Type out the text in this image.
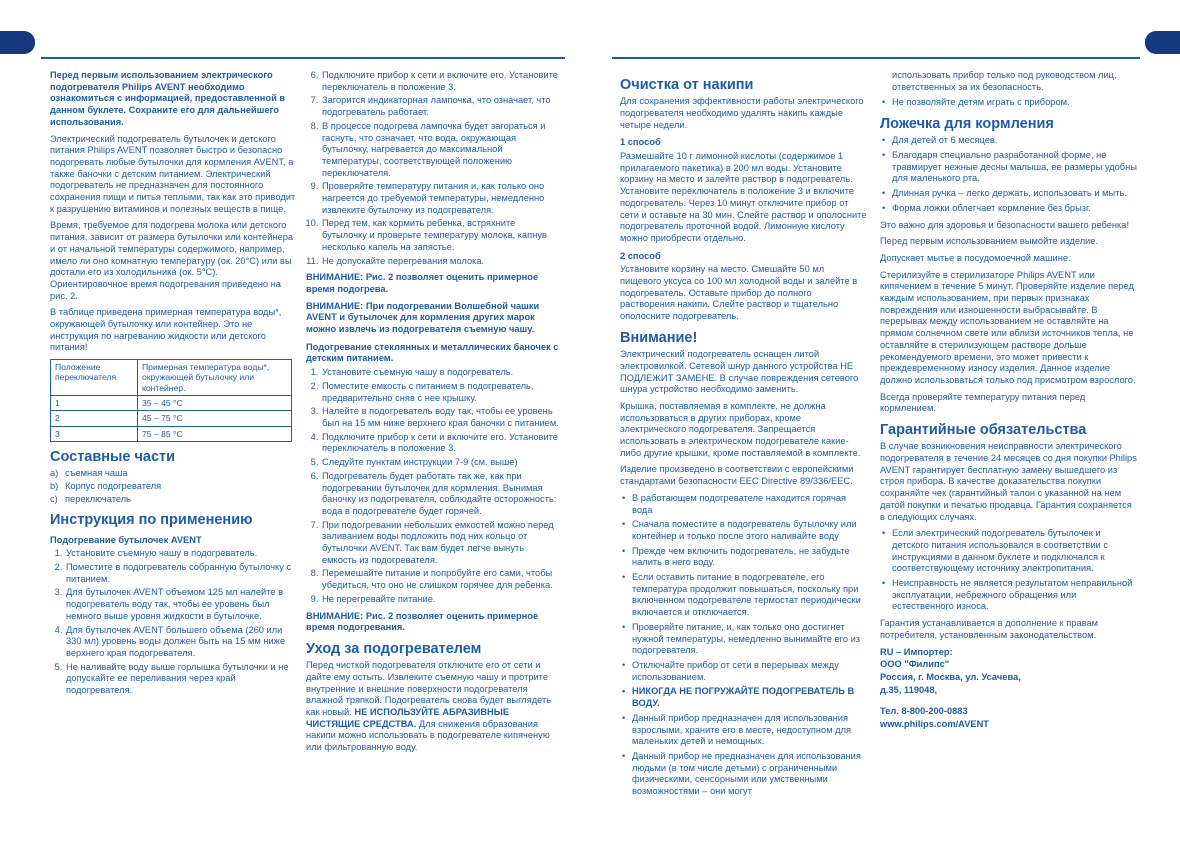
Перед первым использованием электрического подогревателя Philips AVENT необходимо ознакомиться с информацией, предоставленной в данном буклете. Сохраните его для дальнейшего использования.

Электрический подогреватель бутылочек и детского питания Philips AVENT позволяет быстро и безопасно подогревать любые бутылочки для кормления AVENT, а также баночки с детским питанием. Электрический подогреватель не предназначен для постоянного сохранения пищи и питья теплыми, так как это приводит к разрушению витаминов и полезных веществ в пище.

Время, требуемое для подогрева молока или детского питания, зависит от размера бутылочки или контейнера и от начальной температуры содержимого, например, имело ли оно комнатную температуру (ок. 20°C) или вы достали его из холодильника (ок. 5°C). Ориентировочное время подогревания приведено на рис. 2.

В таблице приведена примерная температура воды*, окружающей бутылочку или контейнер. Это не инструкция по нагреванию жидкости или детского питания!

Положение переключателя	Примерная температура воды*, окружающей бутылочку или контейнер.
1	35 – 45 °C
2	45 – 75 °C
3	75 – 85 °C
Составные части
a) съемная чаша
b) Корпус подогревателя
c) переключатель
Инструкция по применению
Подогревание бутылочек AVENT
1. Установите съемную чашу в подогреватель.
2. Поместите в подогреватель собранную бутылочку с питанием.
3. Для бутылочек AVENT объемом 125 мл налейте в подогреватель воду так, чтобы ее уровень был немного выше уровня жидкости в бутылочке.
4. Для бутылочек AVENT большего объема (260 или 330 мл) уровень воды должен быть на 15 мм ниже верхнего края подогревателя.
5. Не наливайте воду выше горлышка бутылочки и не допускайте ее переливания через край подогревателя.
6. Подключите прибор к сети и включите его. Установите переключатель в положение 3.
7. Загорится индикаторная лампочка, что означает, что подогреватель работает.
8. В процессе подогрева лампочка будет загораться и гаснуть, что означает, что вода, окружающая бутылочку, нагревается до максимальной температуры, соответствующей положению переключателя.
9. Проверяйте температуру питания и, как только оно нагреется до требуемой температуры, немедленно извлеките бутылочку из подогревателя.
10. Перед тем, как кормить ребенка, встряхните бутылочку и проверьте температуру молока, капнув несколько капель на запястье.
11. Не допускайте перегревания молока.

ВНИМАНИЕ: Рис. 2 позволяет оценить примерное время подогрева.

ВНИМАНИЕ: При подогревании Волшебной чашки AVENT и бутылочек для кормления других марок можно извлечь из подогревателя съемную чашу.

Подогревание стеклянных и металлических баночек с детским питанием.
1. Установите съемную чашу в подогреватель.
2. Поместите емкость с питанием в подогреватель, предварительно сняв с нее крышку.
3. Налейте в подогреватель воду так, чтобы ее уровень был на 15 мм ниже верхнего края баночки с питанием.
4. Подключите прибор к сети и включите его. Установите переключатель в положение 3.
5. Следуйте пунктам инструкции 7-9 (см. выше)
6. Подогреватель будет работать так же, как при подогревании бутылочек для кормления. Вынимая баночку из подогревателя, соблюдайте осторожность: вода в подогревателе будет горячей.
7. При подогревании небольших емкостей можно перед заливанием воды подложить под них кольцо от бутылочки AVENT. Так вам будет легче вынуть емкость из подогревателя.
8. Перемешайте питание и попробуйте его сами, чтобы убедиться, что оно не слишком горячее для ребенка.
9. Не перегревайте питание.

ВНИМАНИЕ: Рис. 2 позволяет оценить примерное время подогревания.

Уход за подогревателем

Перед чисткой подогревателя отключите его от сети и дайте ему остыть. Извлеките съемную чашу и протрите внутренние и внешние поверхности подогревателя влажной тряпкой. Подогреватель снова будет выглядеть как новый. НЕ ИСПОЛЬЗУЙТЕ АБРАЗИВНЫЕ ЧИСТЯЩИЕ СРЕДСТВА. Для снижения образования накипи можно использовать в подогревателе кипяченую или фильтрованную воду.

Очистка от накипи

Для сохранения эффективности работы электрического подогревателя необходимо удалять накипь каждые четыре недели.

1 способ

Размешайте 10 г лимонной кислоты (содержимое 1 прилагаемого пакетика) в 200 мл воды. Установите корзину на место и залейте раствор в подогреватель. Установите переключатель в положение 3 и включите подогреватель. Через 10 минут отключите прибор от сети и оставьте на 30 мин. Слейте раствор и ополосните подогреватель проточной водой. Лимонную кислоту можно приобрести отдельно.

2 способ

Установите корзину на место. Смешайте 50 мл пищевого уксуса со 100 мл холодной воды и залейте в подогреватель. Оставьте прибор до полного растворения накипи. Слейте раствор и тщательно ополосните подогреватель.

Внимание!

Электрический подогреватель оснащен литой электровилкой. Сетевой шнур данного устройства НЕ ПОДЛЕЖИТ ЗАМЕНЕ. В случае повреждения сетевого шнура устройство необходимо заменить.

Крышка, поставляемая в комплекте, не должна использоваться в других приборах, кроме электрического подогревателя. Запрещается использовать в электрическом подогревателе какие-либо другие крышки, кроме поставляемой в комплекте.

Изделие произведено в соответствии с европейскими стандартами безопасности EEC Directive 89/336/EEC.

• В работающем подогревателе находится горячая вода
• Сначала поместите в подогреватель бутылочку или контейнер и только после этого наливайте воду
• Прежде чем включить подогреватель, не забудьте налить в него воду.
• Если оставить питание в подогревателе, его температура продолжит повышаться, поскольку при включенном подогревателе термостат периодически включается и отключается.
• Проверяйте питание, и, как только оно достигнет нужной температуры, немедленно вынимайте его из подогревателя.
• Отключайте прибор от сети в перерывах между использованием.
• НИКОГДА НЕ ПОГРУЖАЙТЕ ПОДОГРЕВАТЕЛЬ В ВОДУ.
• Данный прибор предназначен для использования взрослыми, храните его в месте, недоступном для маленьких детей и немощных.
• Данный прибор не предназначен для использования людьми (в том числе детьми) с ограниченными физическими, сенсорными или умственными возможностями – они могут

использовать прибор только под руководством лиц, ответственных за их безопасность.

• Не позволяйте детям играть с прибором.
Ложечка для кормления
• Для детей от 6 месяцев.
• Благодаря специально разработанной форме, не травмирует нежные десны малыша, ее размеры удобны для маленького рта.
• Длинная ручка – легко держать, использовать и мыть.
• Форма ложки облегчает кормление без брызг.

Это важно для здоровья и безопасности вашего ребенка!

Перед первым использованием вымойте изделие.

Допускает мытье в посудомоечной машине.

Стерилизуйте в стерилизаторе Philips AVENT или кипячением в течение 5 минут. Проверяйте изделие перед каждым использованием, при первых признаках повреждения или изношенности выбрасывайте. В перерывах между использованием не оставляйте на прямом солнечном свете или вблизи источников тепла, не оставляйте в стерилизующем растворе дольше рекомендуемого времени, это может привести к преждевременному износу изделия. Данное изделие должно использоваться только под присмотром взрослого.

Всегда проверяйте температуру питания перед кормлением.

Гарантийные обязательства

В случае возникновения неисправности электрического подогревателя в течение 24 месяцев со дня покупки Philips AVENT гарантирует бесплатную замену вышедшего из строя прибора. В качестве доказательства покупки сохраняйте чек (гарантийный талон с указанной на нем датой покупки и печатью продавца. Гарантия сохраняется в следующих случаях.

• Если электрический подогреватель бутылочек и детского питания использовался в соответствии с инструкциями в данном буклете и подключался к соответствующему источнику электропитания.
• Неисправность не является результатом неправильной эксплуатации, небрежного обращения или естественного износа.

Гарантия устанавливается в дополнение к правам потребителя, установленным законодательством.

RU – Импортер:

ООО "Филипс"

Россия, г. Москва, ул. Усачева,

д.35, 119048,

Тел. 8-800-200-0883

www.philips.com/AVENT
